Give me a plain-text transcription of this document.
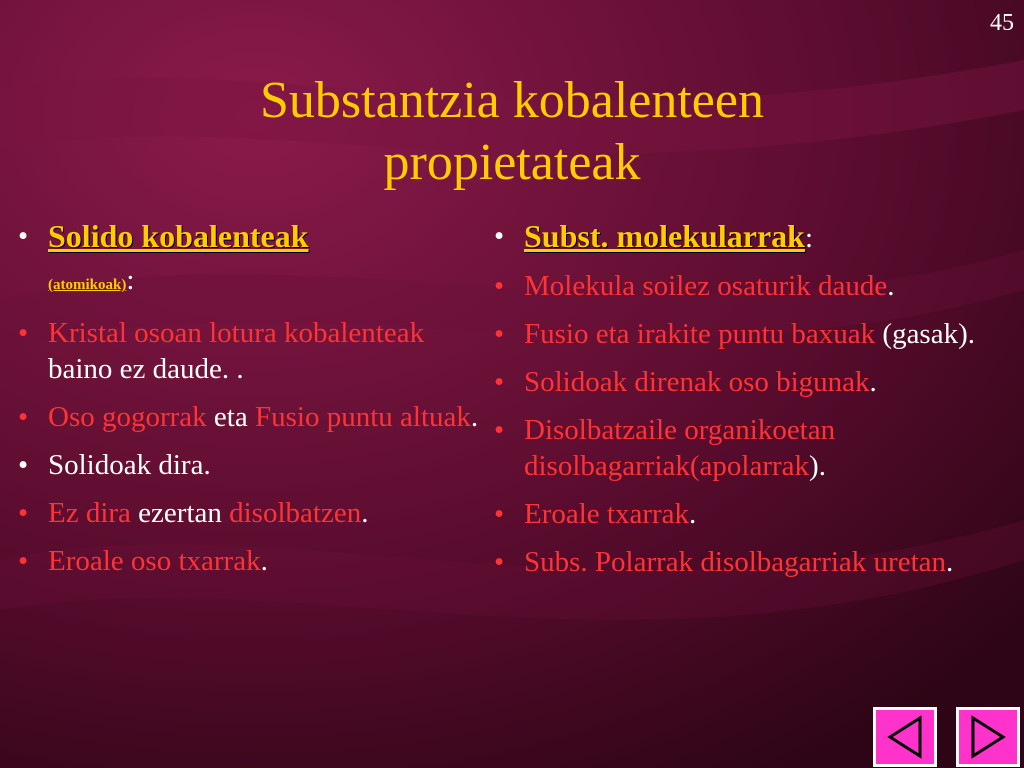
45
Substantzia kobalenteen
propietateak
• Solido kobalenteak
(atomikoak):
• Kristal osoan lotura kobalenteak baino ez daude. .
• Oso gogorrak eta Fusio puntu altuak.
• Solidoak dira.
• Ez dira ezertan disolbatzen.
• Eroale oso txarrak.
• Subst. molekularrak:
• Molekula soilez osaturik daude.
• Fusio eta irakite puntu baxuak (gasak).
• Solidoak direnak oso bigunak.
• Disolbatzaile organikoetan disolbagarriak(apolarrak).
• Eroale txarrak.
• Subs. Polarrak disolbagarriak uretan.
